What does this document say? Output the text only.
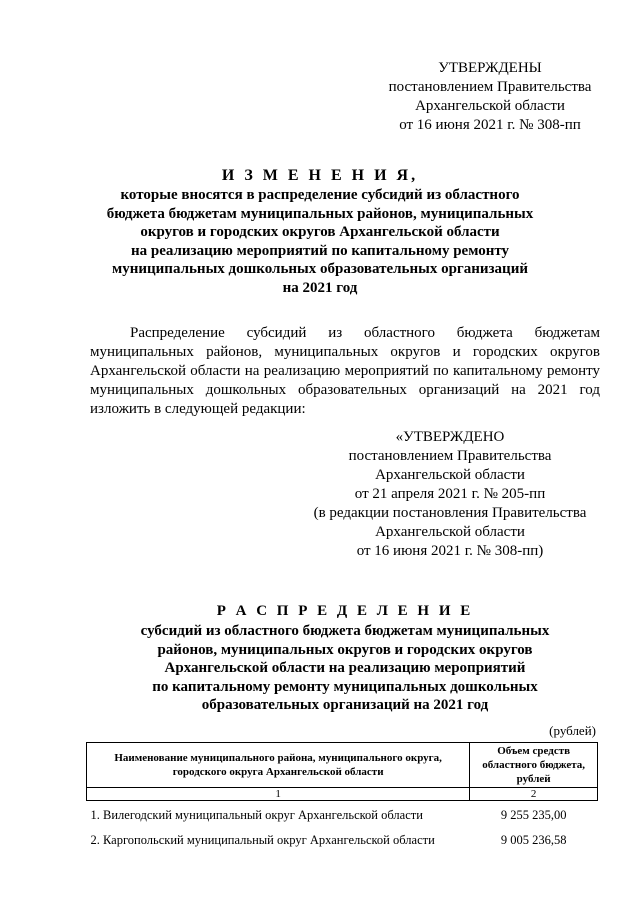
УТВЕРЖДЕНЫ
постановлением Правительства
Архангельской области
от 16 июня 2021 г. № 308-пп
И З М Е Н Е Н И Я,
которые вносятся в распределение субсидий из областного
бюджета бюджетам муниципальных районов, муниципальных
округов и городских округов Архангельской области
на реализацию мероприятий по капитальному ремонту
муниципальных дошкольных образовательных организаций
на 2021 год
Распределение субсидий из областного бюджета бюджетам муниципальных районов, муниципальных округов и городских округов Архангельской области на реализацию мероприятий по капитальному ремонту муниципальных дошкольных образовательных организаций на 2021 год изложить в следующей редакции:
«УТВЕРЖДЕНО
постановлением Правительства
Архангельской области
от 21 апреля 2021 г. № 205-пп
(в редакции постановления Правительства
Архангельской области
от 16 июня 2021 г. № 308-пп)
Р А С П Р Е Д Е Л Е Н И Е
субсидий из областного бюджета бюджетам муниципальных
районов, муниципальных округов и городских округов
Архангельской области на реализацию мероприятий
по капитальному ремонту муниципальных дошкольных
образовательных организаций на 2021 год
(рублей)
Наименование муниципального района, муниципального округа, городского округа Архангельской области	Объем средств областного бюджета, рублей
1	2
1. Вилегодский муниципальный округ Архангельской области	9 255 235,00
2. Каргопольский муниципальный округ Архангельской области	9 005 236,58
